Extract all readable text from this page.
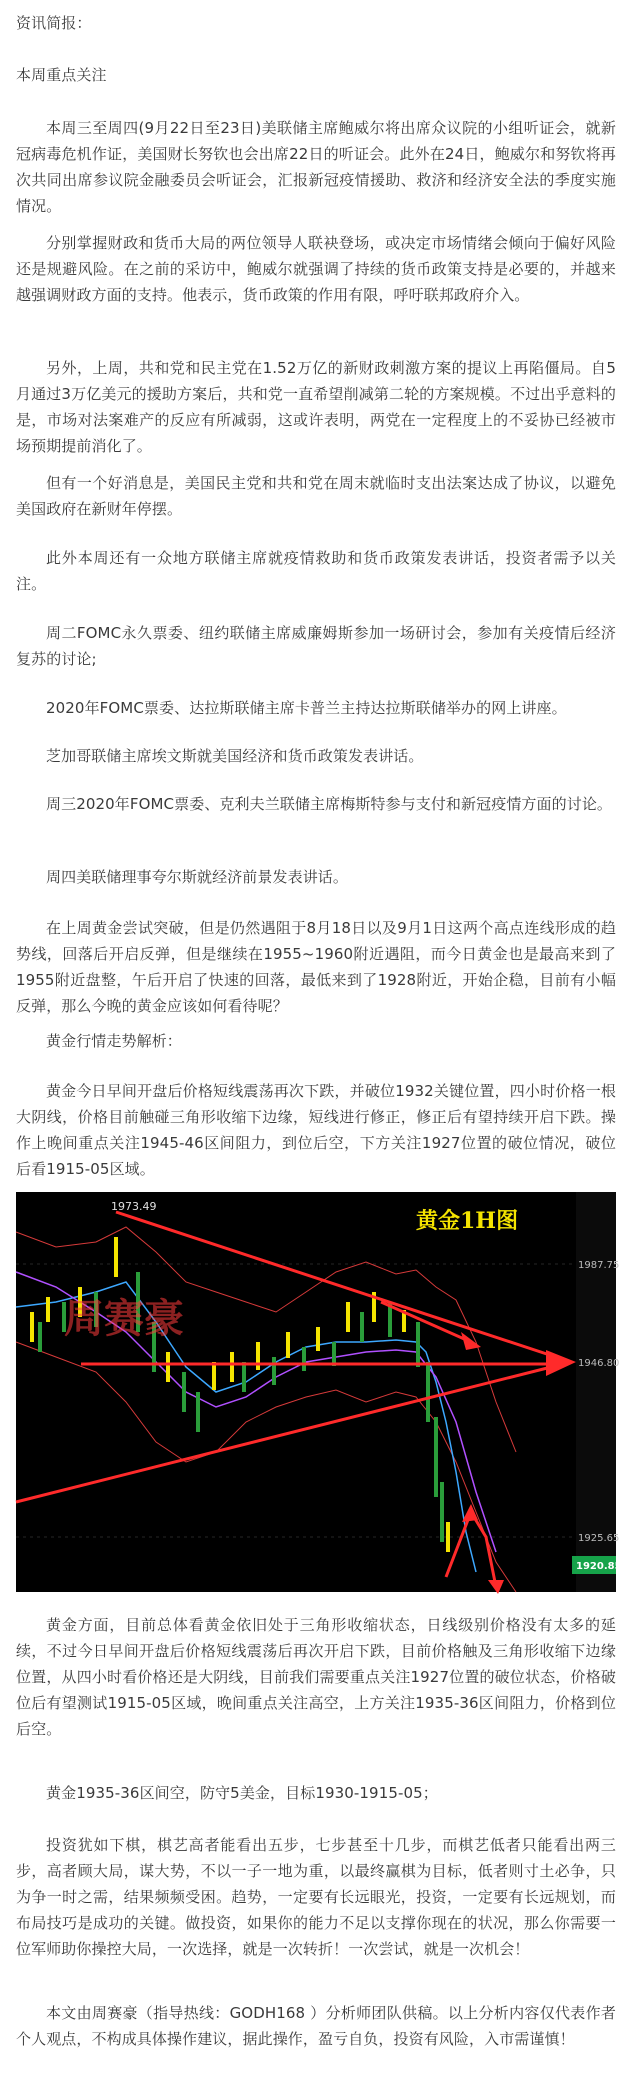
资讯简报：

本周重点关注

本周三至周四(9月22日至23日)美联储主席鲍威尔将出席众议院的小组听证会，就新冠病毒危机作证，美国财长努钦也会出席22日的听证会。此外在24日，鲍威尔和努钦将再次共同出席参议院金融委员会听证会，汇报新冠疫情援助、救济和经济安全法的季度实施情况。

分别掌握财政和货币大局的两位领导人联袂登场，或决定市场情绪会倾向于偏好风险还是规避风险。在之前的采访中，鲍威尔就强调了持续的货币政策支持是必要的，并越来越强调财政方面的支持。他表示，货币政策的作用有限，呼吁联邦政府介入。

另外，上周，共和党和民主党在1.52万亿的新财政刺激方案的提议上再陷僵局。自5月通过3万亿美元的援助方案后，共和党一直希望削减第二轮的方案规模。不过出乎意料的是，市场对法案难产的反应有所减弱，这或许表明，两党在一定程度上的不妥协已经被市场预期提前消化了。

但有一个好消息是，美国民主党和共和党在周末就临时支出法案达成了协议，以避免美国政府在新财年停摆。

此外本周还有一众地方联储主席就疫情救助和货币政策发表讲话，投资者需予以关注。

周二FOMC永久票委、纽约联储主席威廉姆斯参加一场研讨会，参加有关疫情后经济复苏的讨论;

2020年FOMC票委、达拉斯联储主席卡普兰主持达拉斯联储举办的网上讲座。

芝加哥联储主席埃文斯就美国经济和货币政策发表讲话。

周三2020年FOMC票委、克利夫兰联储主席梅斯特参与支付和新冠疫情方面的讨论。

周四美联储理事夸尔斯就经济前景发表讲话。

在上周黄金尝试突破，但是仍然遇阻于8月18日以及9月1日这两个高点连线形成的趋势线，回落后开启反弹，但是继续在1955~1960附近遇阻，而今日黄金也是最高来到了1955附近盘整，午后开启了快速的回落，最低来到了1928附近，开始企稳，目前有小幅反弹，那么今晚的黄金应该如何看待呢？

黄金行情走势解析：

黄金今日早间开盘后价格短线震荡再次下跌，并破位1932关键位置，四小时价格一根大阴线，价格目前触碰三角形收缩下边缘，短线进行修正，修正后有望持续开启下跌。操作上晚间重点关注1945-46区间阻力，到位后空，下方关注1927位置的破位情况，破位后看1915-05区域。

1973.49
黄金1H图
周赛豪
1987.75
1946.80
1925.65
1920.85

黄金方面，目前总体看黄金依旧处于三角形收缩状态，日线级别价格没有太多的延续，不过今日早间开盘后价格短线震荡后再次开启下跌，目前价格触及三角形收缩下边缘位置，从四小时看价格还是大阴线，目前我们需要重点关注1927位置的破位状态，价格破位后有望测试1915-05区域，晚间重点关注高空，上方关注1935-36区间阻力，价格到位后空。

黄金1935-36区间空，防守5美金，目标1930-1915-05；

投资犹如下棋，棋艺高者能看出五步，七步甚至十几步，而棋艺低者只能看出两三步，高者顾大局，谋大势，不以一子一地为重，以最终赢棋为目标，低者则寸土必争，只为争一时之需，结果频频受困。趋势，一定要有长远眼光，投资，一定要有长远规划，而布局技巧是成功的关键。做投资，如果你的能力不足以支撑你现在的状况，那么你需要一位军师助你操控大局，一次选择，就是一次转折！一次尝试，就是一次机会！

本文由周赛豪（指导热线：GODH168 ）分析师团队供稿。以上分析内容仅代表作者个人观点，不构成具体操作建议，据此操作，盈亏自负，投资有风险，入市需谨慎！
